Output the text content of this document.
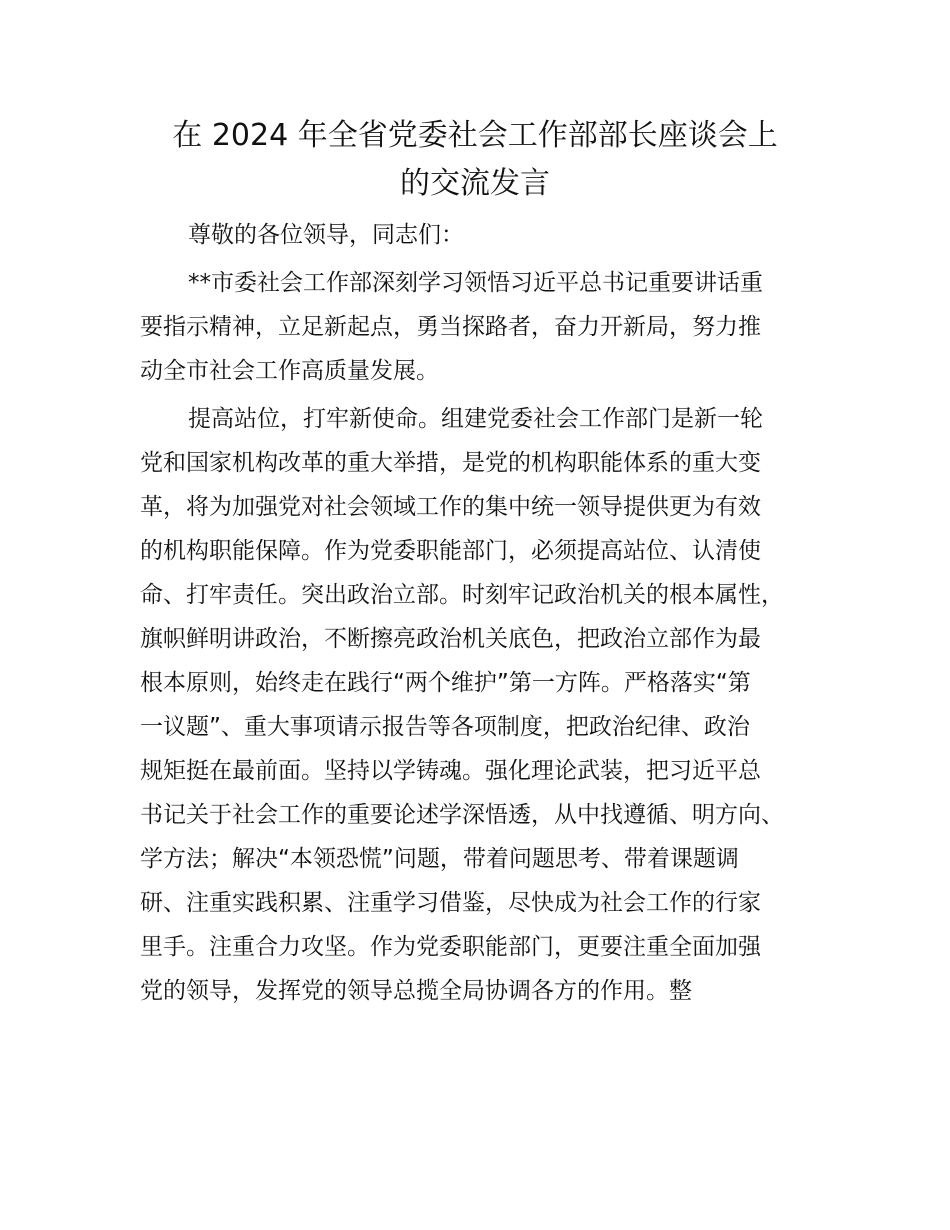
在 2024 年全省党委社会工作部部长座谈会上
的交流发言
尊敬的各位领导，同志们：
**市委社会工作部深刻学习领悟习近平总书记重要讲话重
要指示精神，立足新起点，勇当探路者，奋力开新局，努力推
动全市社会工作高质量发展。
提高站位，打牢新使命。组建党委社会工作部门是新一轮
党和国家机构改革的重大举措，是党的机构职能体系的重大变
革，将为加强党对社会领域工作的集中统一领导提供更为有效
的机构职能保障。作为党委职能部门，必须提高站位、认清使
命、打牢责任。突出政治立部。时刻牢记政治机关的根本属性，
旗帜鲜明讲政治，不断擦亮政治机关底色，把政治立部作为最
根本原则，始终走在践行“两个维护”第一方阵。严格落实“第
一议题”、重大事项请示报告等各项制度，把政治纪律、政治
规矩挺在最前面。坚持以学铸魂。强化理论武装，把习近平总
书记关于社会工作的重要论述学深悟透，从中找遵循、明方向、
学方法；解决“本领恐慌”问题，带着问题思考、带着课题调
研、注重实践积累、注重学习借鉴，尽快成为社会工作的行家
里手。注重合力攻坚。作为党委职能部门，更要注重全面加强
党的领导，发挥党的领导总揽全局协调各方的作用。整
